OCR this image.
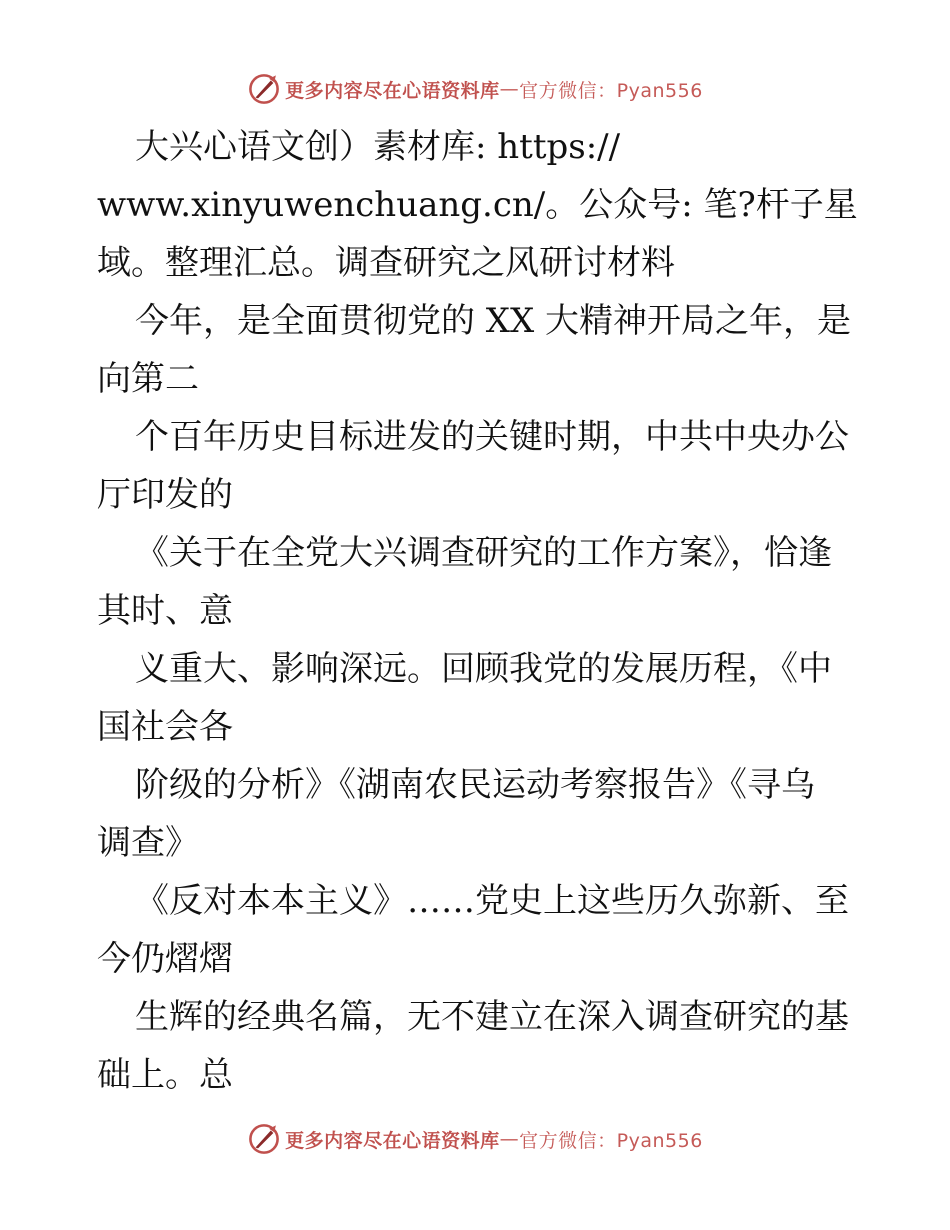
更多内容尽在心语资料库 — 官方微信：Pyan556
大兴心语文创）素材库: https://
www.xinyuwenchuang.cn/。公众号: 笔?杆子星
域。整理汇总。调查研究之风研讨材料
今年，是全面贯彻党的 XX 大精神开局之年，是
向第二
个百年历史目标进发的关键时期，中共中央办公
厅印发的
《关于在全党大兴调查研究的工作方案》，恰逢
其时、意
义重大、影响深远。回顾我党的发展历程，《中
国社会各
阶级的分析》《湖南农民运动考察报告》《寻乌
调查》
《反对本本主义》……党史上这些历久弥新、至
今仍熠熠
生辉的经典名篇，无不建立在深入调查研究的基
础上。总
更多内容尽在心语资料库 — 官方微信：Pyan556
